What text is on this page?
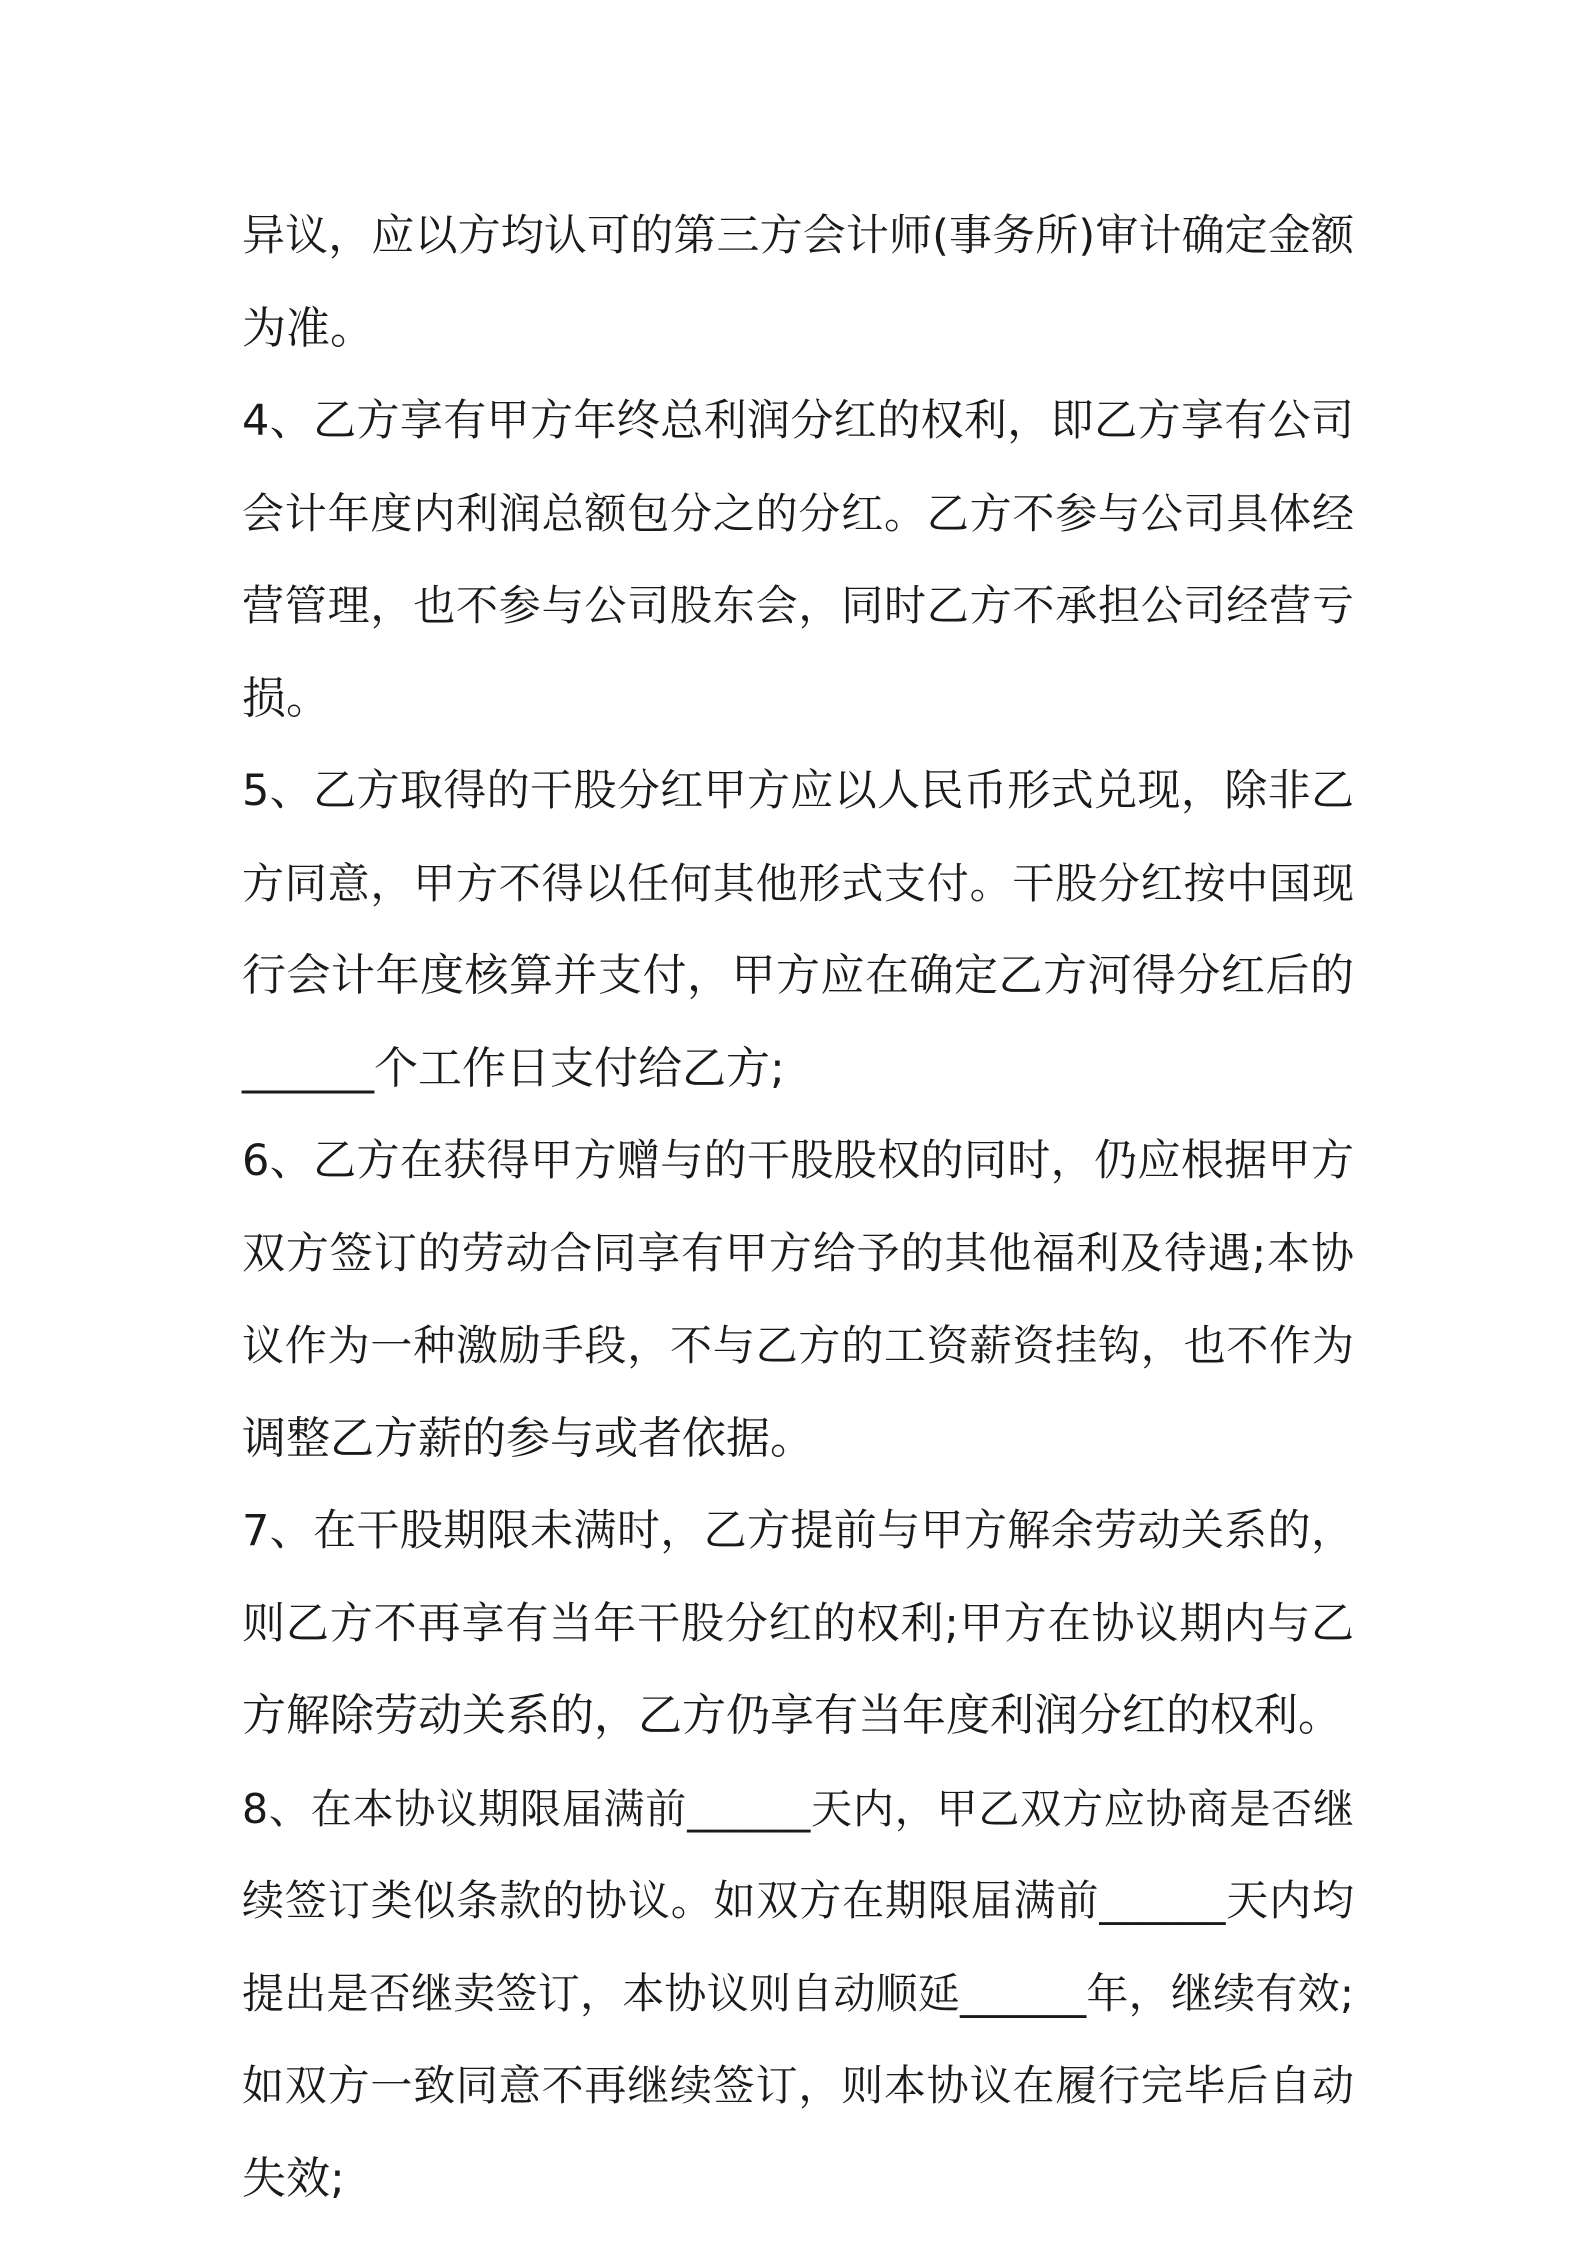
异议，应以方均认可的第三方会计师(事务所)审计确定金额
为准。
4、乙方享有甲方年终总利润分红的权利，即乙方享有公司
会计年度内利润总额包分之的分红。乙方不参与公司具体经
营管理，也不参与公司股东会，同时乙方不承担公司经营亏
损。
5、乙方取得的干股分红甲方应以人民币形式兑现，除非乙
方同意，甲方不得以任何其他形式支付。干股分红按中国现
行会计年度核算并支付，甲方应在确定乙方河得分红后的
______个工作日支付给乙方;
6、乙方在获得甲方赠与的干股股权的同时，仍应根据甲方
双方签订的劳动合同享有甲方给予的其他福利及待遇;本协
议作为一种激励手段，不与乙方的工资薪资挂钩，也不作为
调整乙方薪的参与或者依据。
7、在干股期限未满时，乙方提前与甲方解余劳动关系的，
则乙方不再享有当年干股分红的权利;甲方在协议期内与乙
方解除劳动关系的，乙方仍享有当年度利润分红的权利。
8、在本协议期限届满前______天内，甲乙双方应协商是否继
续签订类似条款的协议。如双方在期限届满前______天内均
提出是否继卖签订，本协议则自动顺延______年，继续有效;
如双方一致同意不再继续签订，则本协议在履行完毕后自动
失效;
